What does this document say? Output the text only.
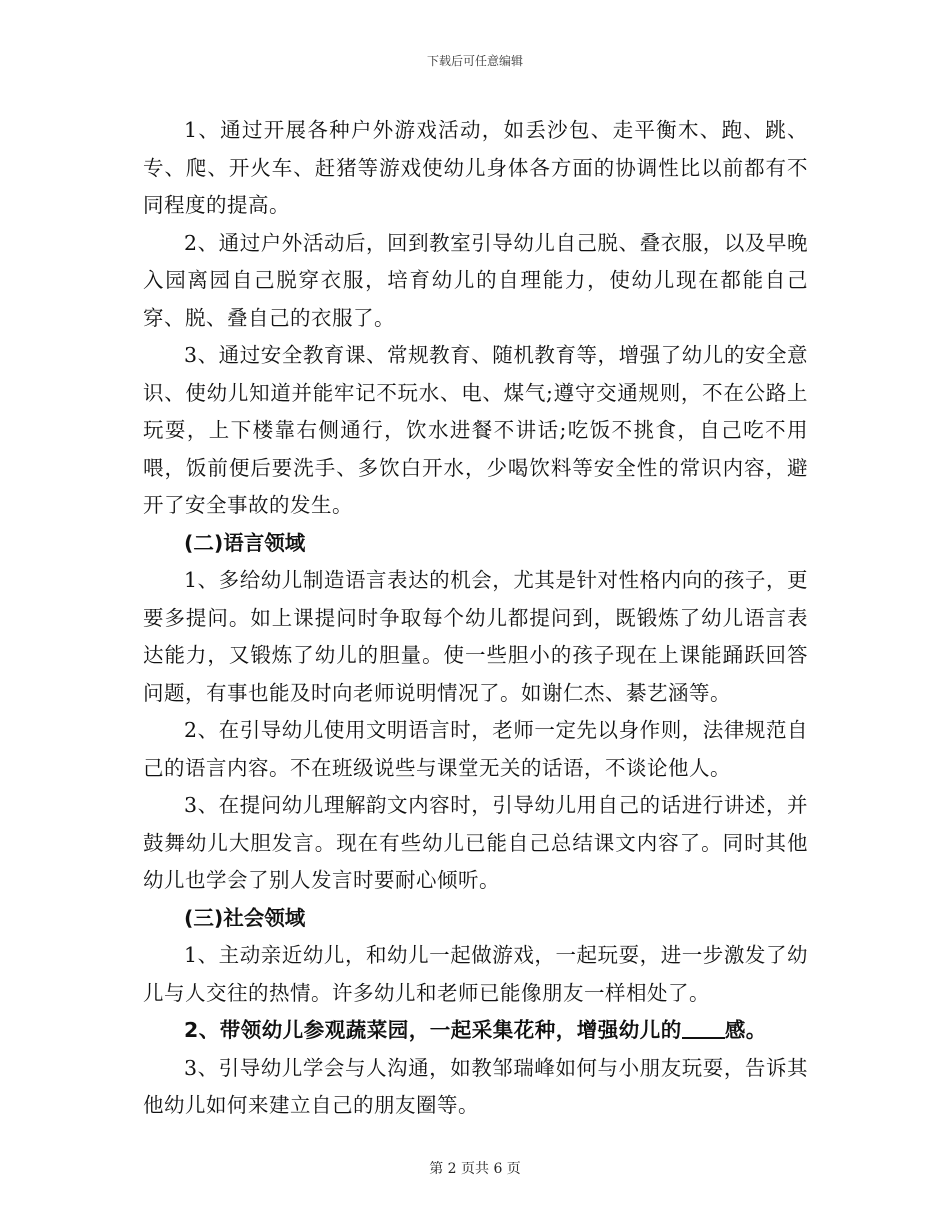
下载后可任意编辑

1、通过开展各种户外游戏活动，如丢沙包、走平衡木、跑、跳、专、爬、开火车、赶猪等游戏使幼儿身体各方面的协调性比以前都有不同程度的提高。

2、通过户外活动后，回到教室引导幼儿自己脱、叠衣服，以及早晚入园离园自己脱穿衣服，培育幼儿的自理能力，使幼儿现在都能自己穿、脱、叠自己的衣服了。

3、通过安全教育课、常规教育、随机教育等，增强了幼儿的安全意识、使幼儿知道并能牢记不玩水、电、煤气;遵守交通规则，不在公路上玩耍，上下楼靠右侧通行，饮水进餐不讲话;吃饭不挑食，自己吃不用喂，饭前便后要洗手、多饮白开水，少喝饮料等安全性的常识内容，避开了安全事故的发生。

(二)语言领域

1、多给幼儿制造语言表达的机会，尤其是针对性格内向的孩子，更要多提问。如上课提问时争取每个幼儿都提问到，既锻炼了幼儿语言表达能力，又锻炼了幼儿的胆量。使一些胆小的孩子现在上课能踊跃回答问题，有事也能及时向老师说明情况了。如谢仁杰、綦艺涵等。

2、在引导幼儿使用文明语言时，老师一定先以身作则，法律规范自己的语言内容。不在班级说些与课堂无关的话语，不谈论他人。

3、在提问幼儿理解韵文内容时，引导幼儿用自己的话进行讲述，并鼓舞幼儿大胆发言。现在有些幼儿已能自己总结课文内容了。同时其他幼儿也学会了别人发言时要耐心倾听。

(三)社会领域

1、主动亲近幼儿，和幼儿一起做游戏，一起玩耍，进一步激发了幼儿与人交往的热情。许多幼儿和老师已能像朋友一样相处了。

2、带领幼儿参观蔬菜园，一起采集花种，增强幼儿的 感。

3、引导幼儿学会与人沟通，如教邹瑞峰如何与小朋友玩耍，告诉其他幼儿如何来建立自己的朋友圈等。

第 2 页共 6 页
